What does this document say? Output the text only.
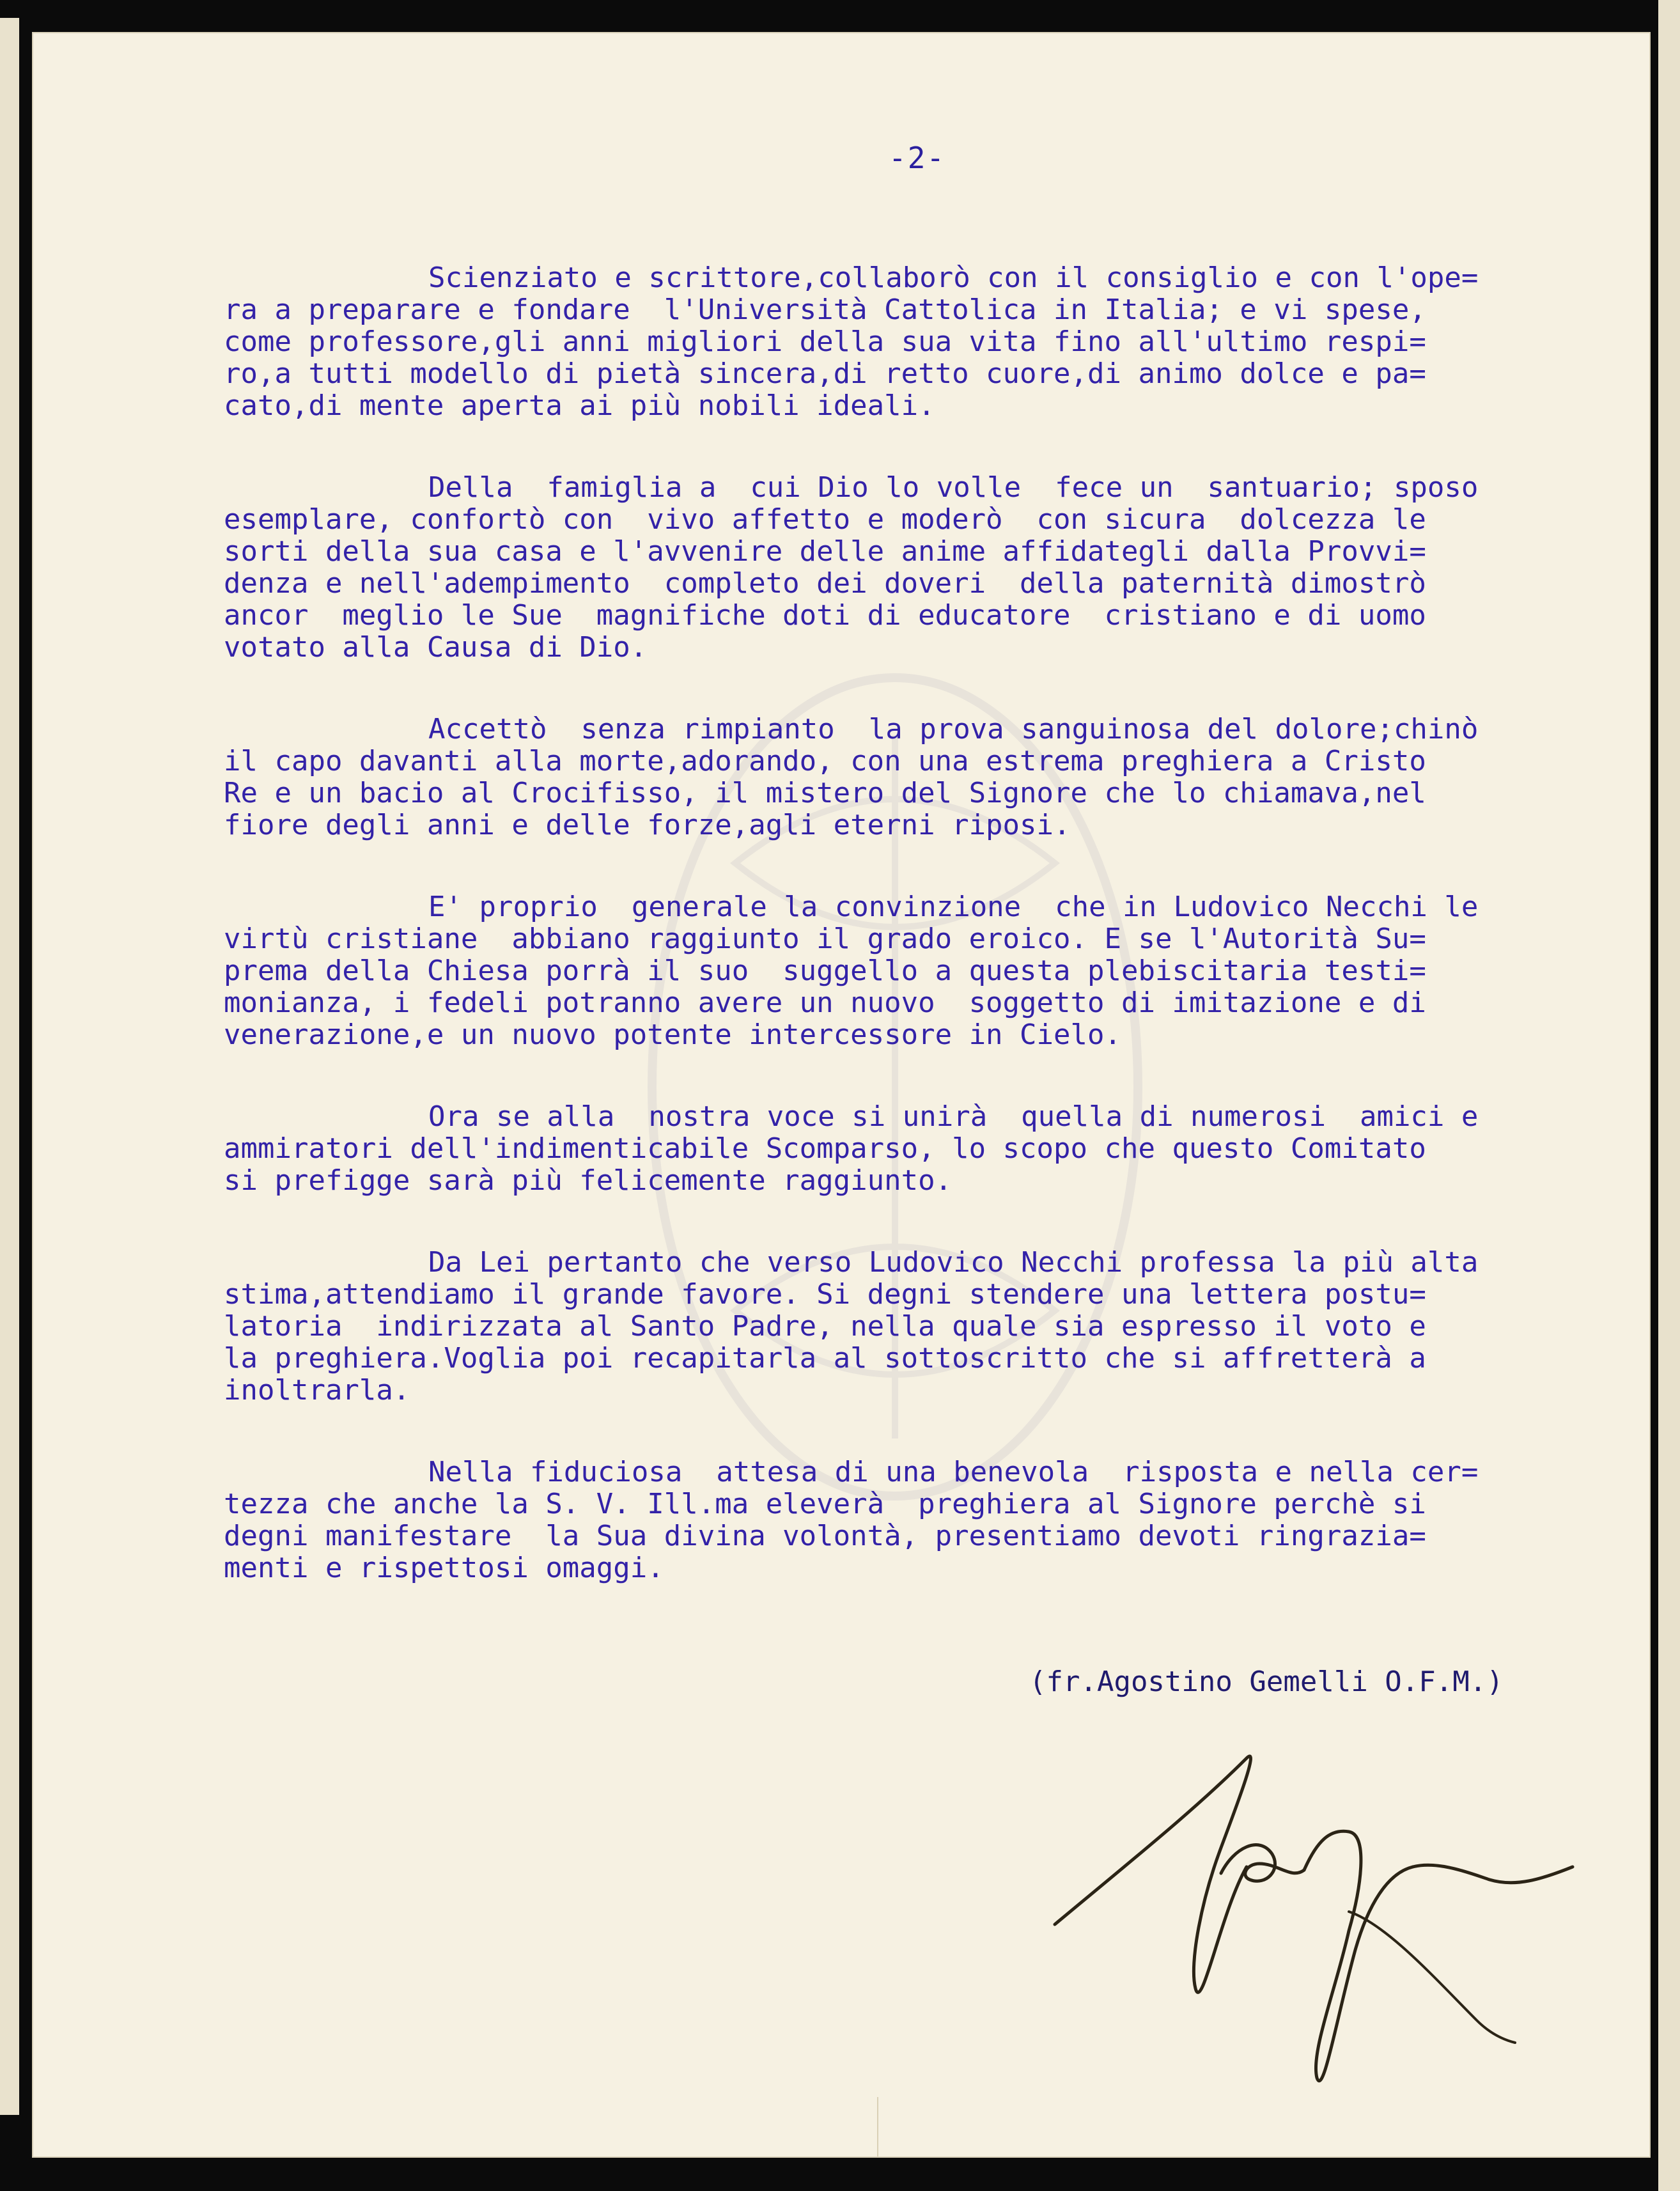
-2-
Scienziato e scrittore,collaborò con il consiglio e con l'ope=
ra a preparare e fondare  l'Università Cattolica in Italia; e vi spese,
come professore,gli anni migliori della sua vita fino all'ultimo respi=
ro,a tutti modello di pietà sincera,di retto cuore,di animo dolce e pa=
cato,di mente aperta ai più nobili ideali.
Della  famiglia a  cui Dio lo volle  fece un  santuario; sposo
esemplare, confortò con  vivo affetto e moderò  con sicura  dolcezza le
sorti della sua casa e l'avvenire delle anime affidategli dalla Provvi=
denza e nell'adempimento  completo dei doveri  della paternità dimostrò
ancor  meglio le Sue  magnifiche doti di educatore  cristiano e di uomo
votato alla Causa di Dio.
Accettò  senza rimpianto  la prova sanguinosa del dolore;chinò
il capo davanti alla morte,adorando, con una estrema preghiera a Cristo
Re e un bacio al Crocifisso, il mistero del Signore che lo chiamava,nel
fiore degli anni e delle forze,agli eterni riposi.
E' proprio  generale la convinzione  che in Ludovico Necchi le
virtù cristiane  abbiano raggiunto il grado eroico. E se l'Autorità Su=
prema della Chiesa porrà il suo  suggello a questa plebiscitaria testi=
monianza, i fedeli potranno avere un nuovo  soggetto di imitazione e di
venerazione,e un nuovo potente intercessore in Cielo.
Ora se alla  nostra voce si unirà  quella di numerosi  amici e
ammiratori dell'indimenticabile Scomparso, lo scopo che questo Comitato
si prefigge sarà più felicemente raggiunto.
Da Lei pertanto che verso Ludovico Necchi professa la più alta
stima,attendiamo il grande favore. Si degni stendere una lettera postu=
latoria  indirizzata al Santo Padre, nella quale sia espresso il voto e
la preghiera.Voglia poi recapitarla al sottoscritto che si affretterà a
inoltrarla.
Nella fiduciosa  attesa di una benevola  risposta e nella cer=
tezza che anche la S. V. Ill.ma eleverà  preghiera al Signore perchè si
degni manifestare  la Sua divina volontà, presentiamo devoti ringrazia=
menti e rispettosi omaggi.
(fr.Agostino Gemelli O.F.M.)
